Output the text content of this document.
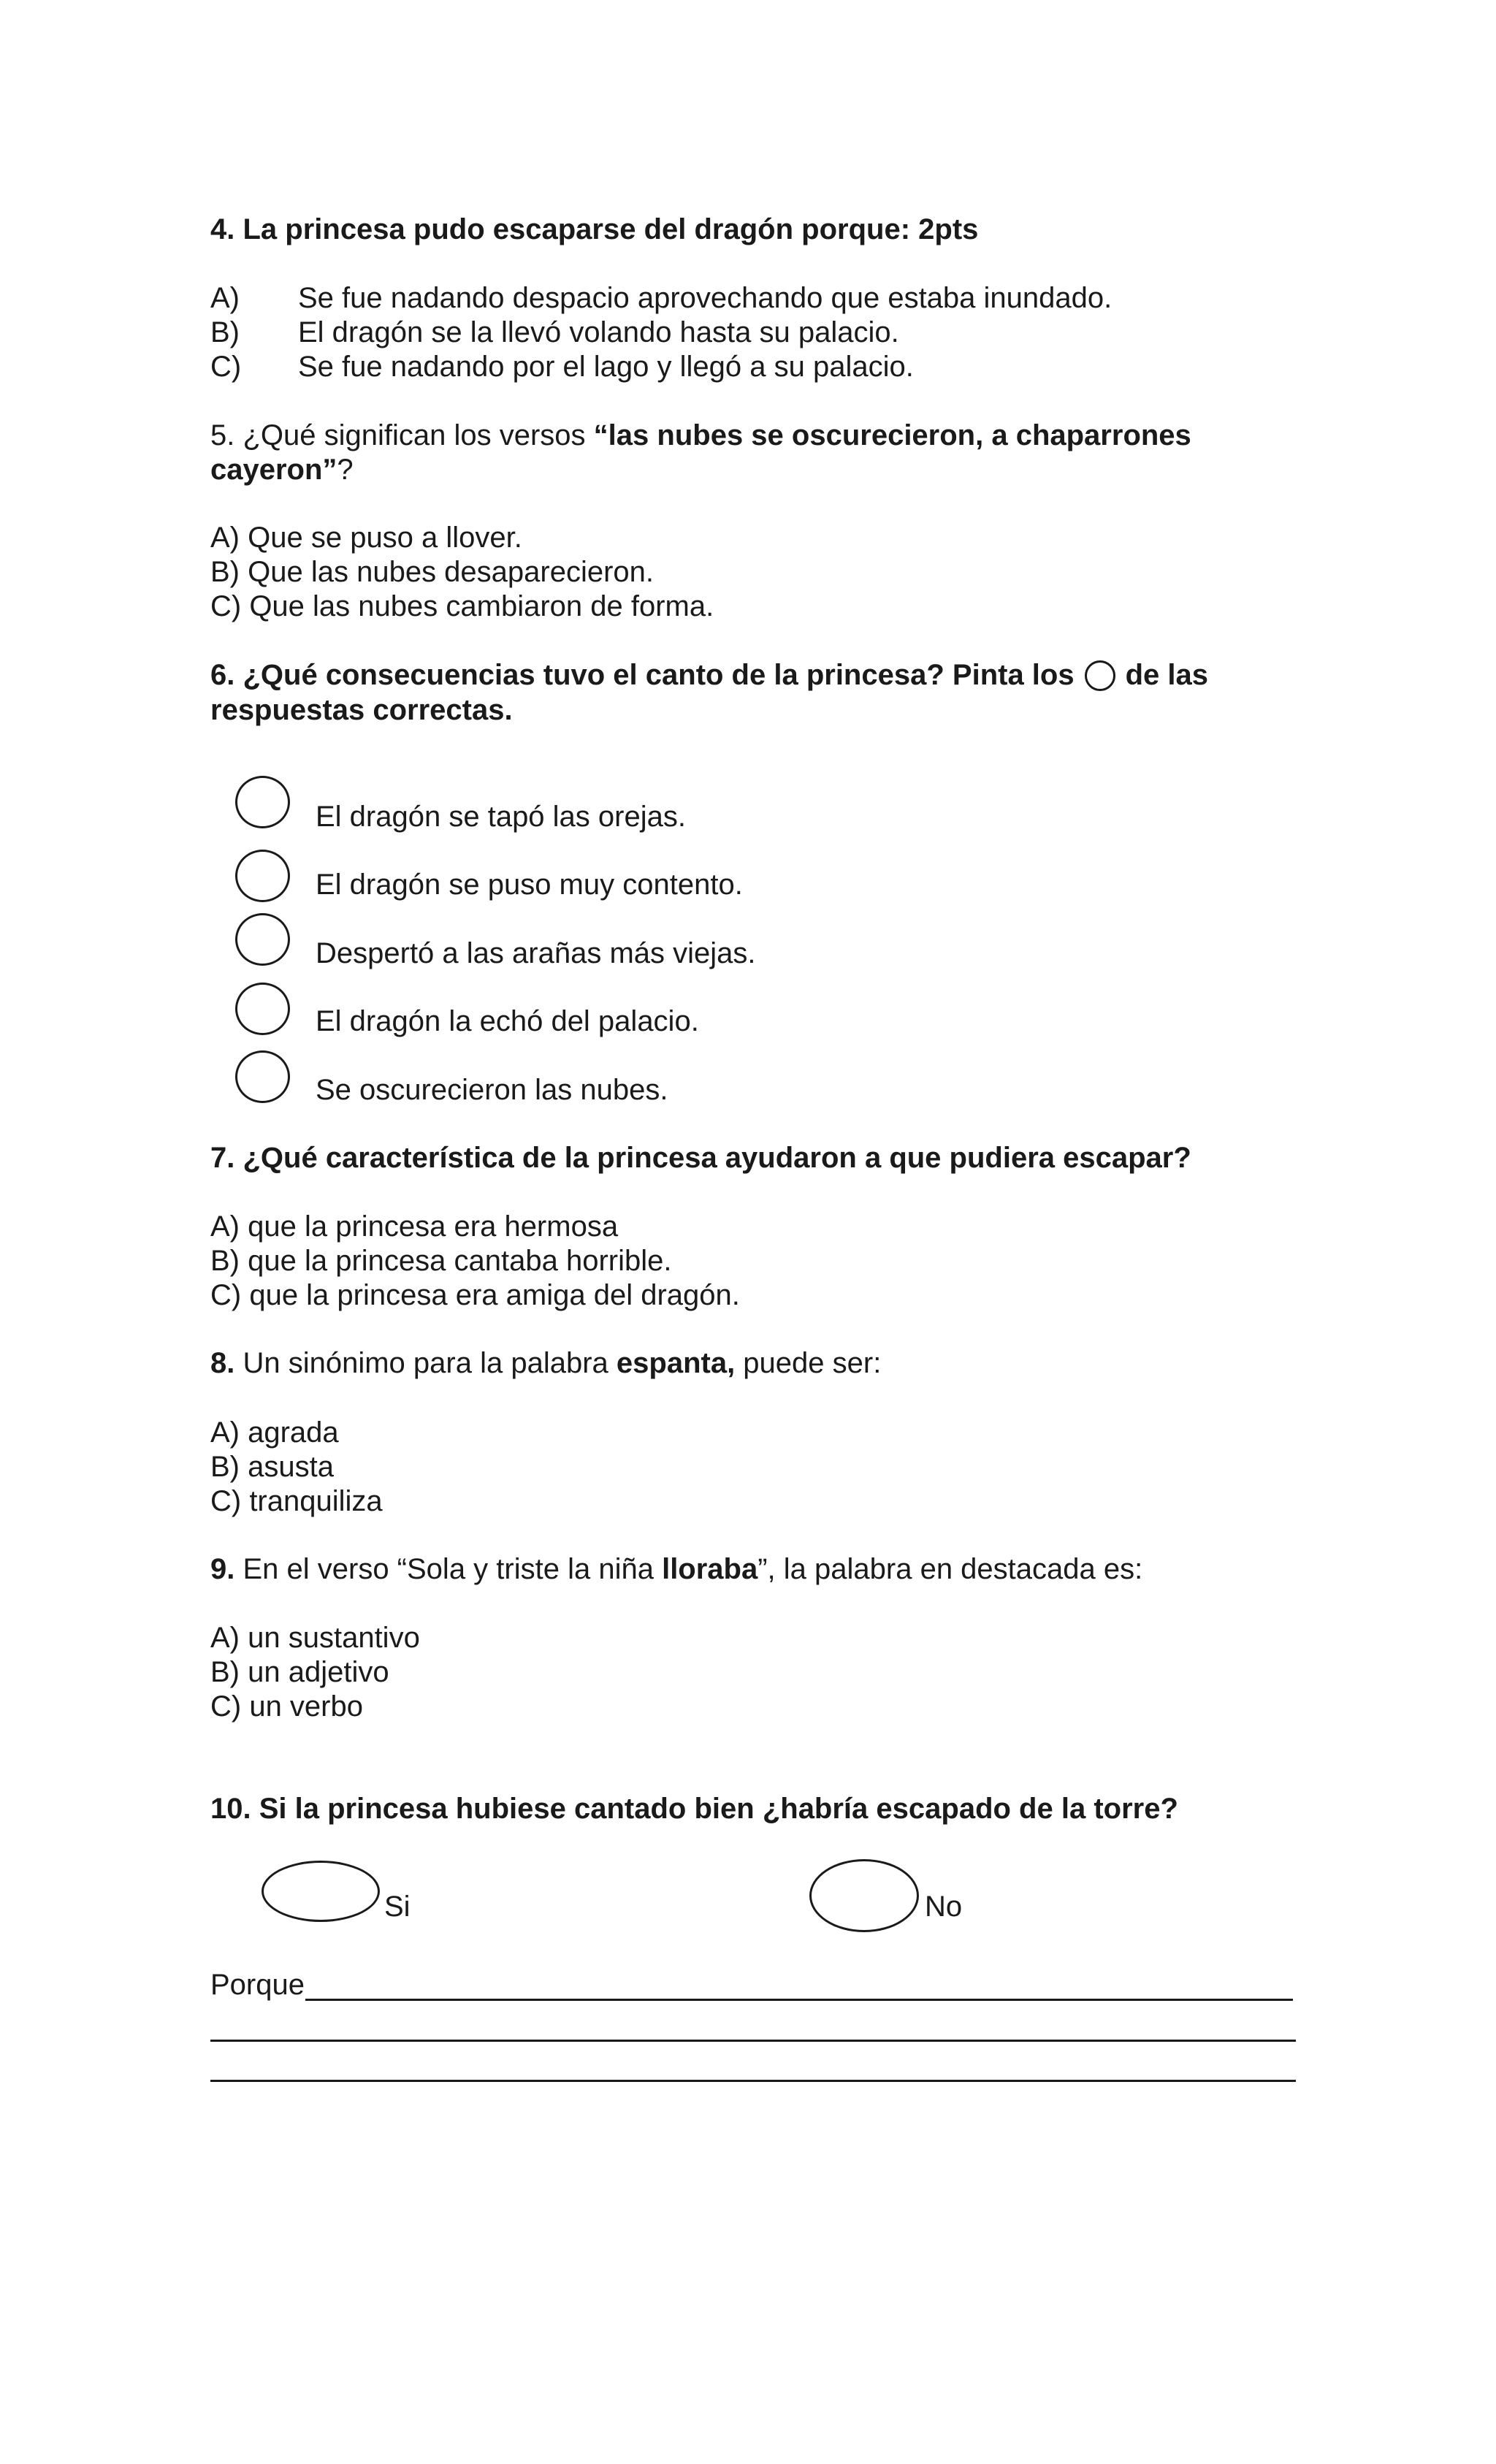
4. La princesa pudo escaparse del dragón porque: 2pts
A) Se fue nadando despacio aprovechando que estaba inundado.
B) El dragón se la llevó volando hasta su palacio.
C) Se fue nadando por el lago y llegó a su palacio.
5. ¿Qué significan los versos “las nubes se oscurecieron, a chaparrones
cayeron”?
A) Que se puso a llover.
B) Que las nubes desaparecieron.
C) Que las nubes cambiaron de forma.
6. ¿Qué consecuencias tuvo el canto de la princesa? Pinta los de las
respuestas correctas.
El dragón se tapó las orejas.
El dragón se puso muy contento.
Despertó a las arañas más viejas.
El dragón la echó del palacio.
Se oscurecieron las nubes.
7. ¿Qué característica de la princesa ayudaron a que pudiera escapar?
A) que la princesa era hermosa
B) que la princesa cantaba horrible.
C) que la princesa era amiga del dragón.
8. Un sinónimo para la palabra espanta, puede ser:
A) agrada
B) asusta
C) tranquiliza
9. En el verso “Sola y triste la niña lloraba”, la palabra en destacada es:
A) un sustantivo
B) un adjetivo
C) un verbo
10. Si la princesa hubiese cantado bien ¿habría escapado de la torre?
Si	No
Porque
